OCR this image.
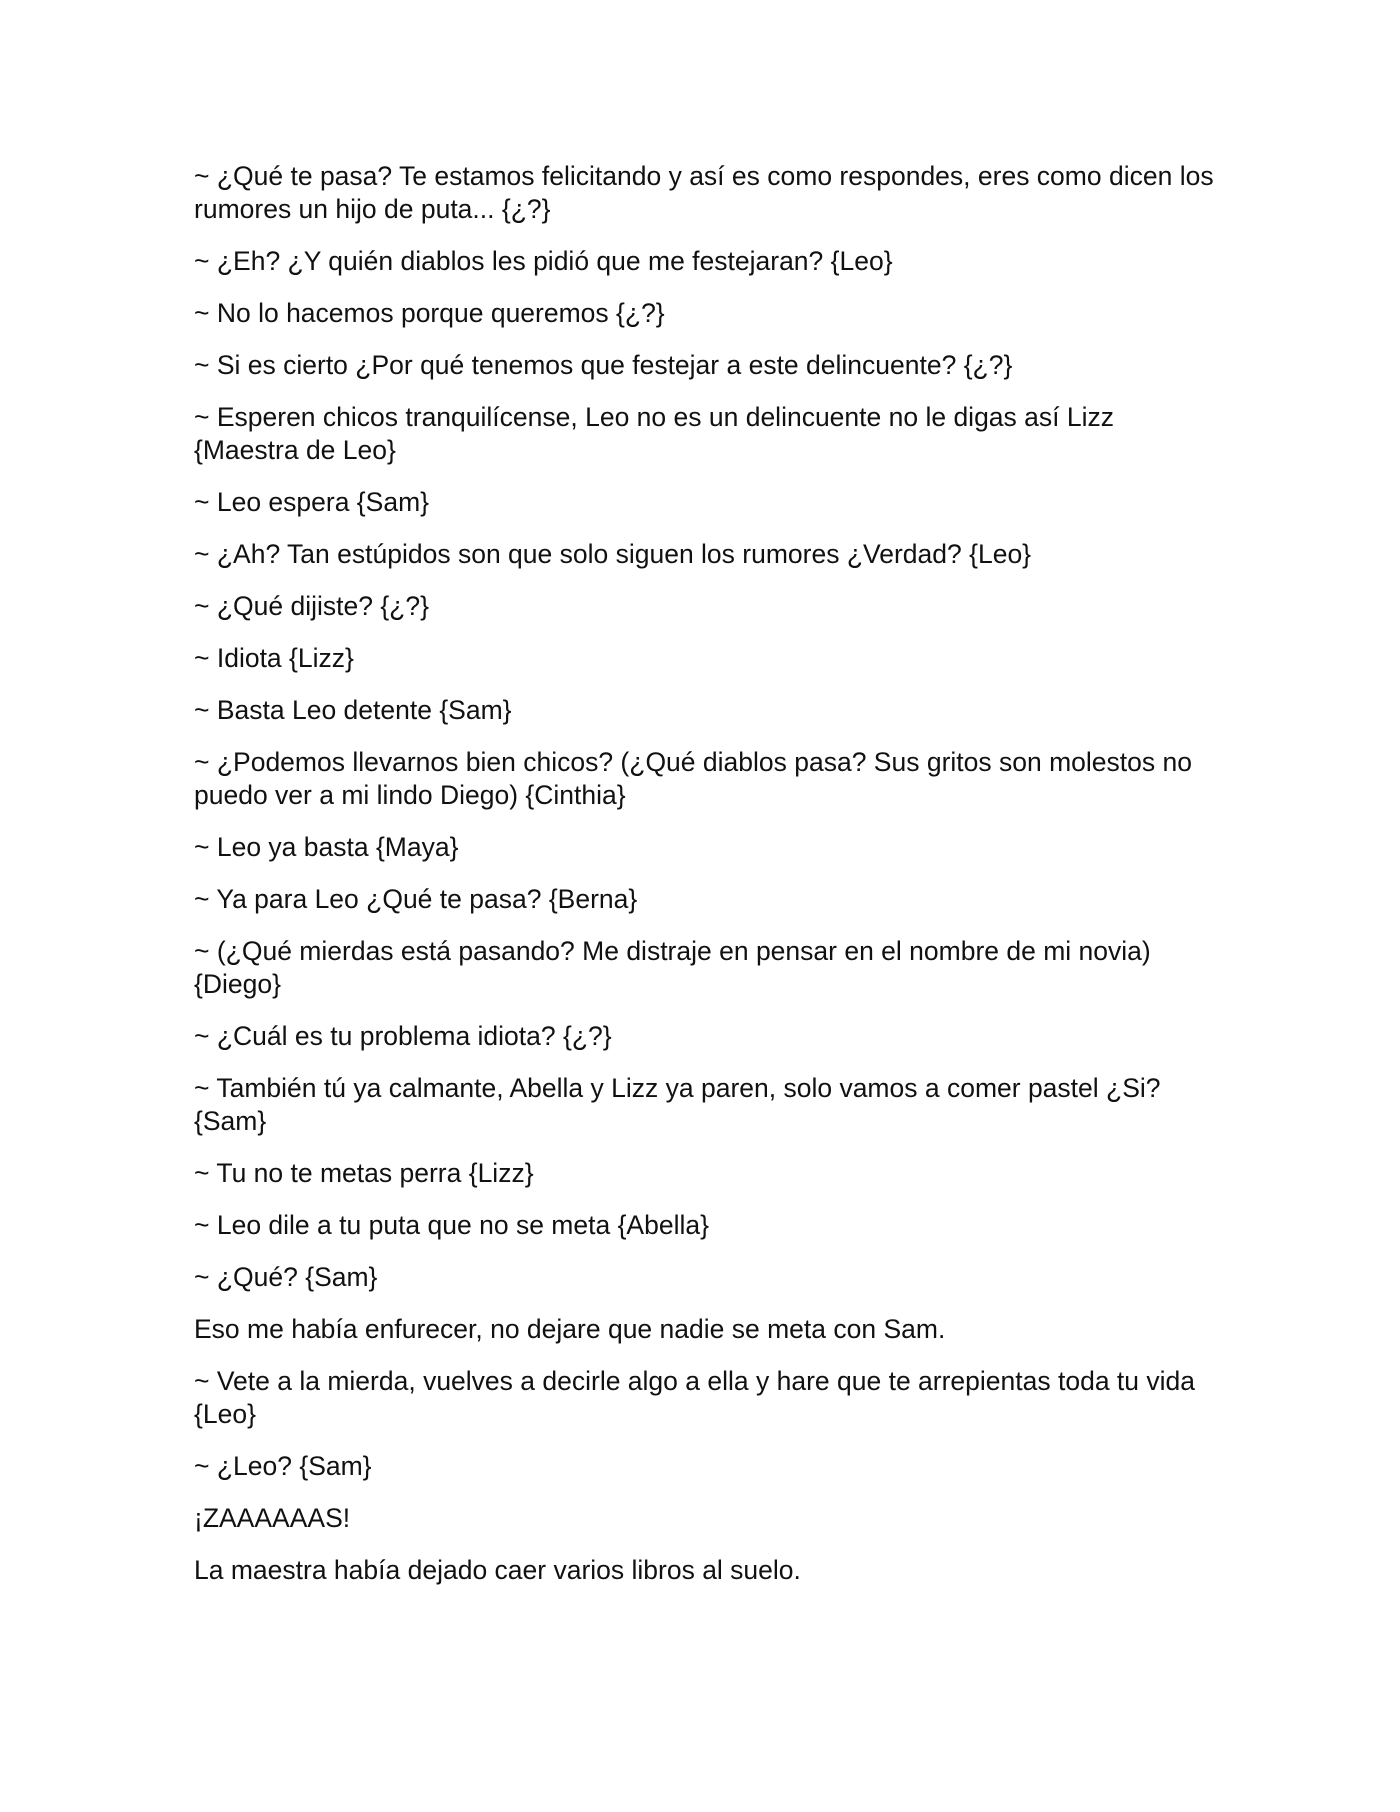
~ ¿Qué te pasa? Te estamos felicitando y así es como respondes, eres como dicen los rumores un hijo de puta... {¿?}

~ ¿Eh? ¿Y quién diablos les pidió que me festejaran? {Leo}

~ No lo hacemos porque queremos {¿?}

~ Si es cierto ¿Por qué tenemos que festejar a este delincuente? {¿?}

~ Esperen chicos tranquilícense, Leo no es un delincuente no le digas así Lizz {Maestra de Leo}

~ Leo espera {Sam}

~ ¿Ah? Tan estúpidos son que solo siguen los rumores ¿Verdad? {Leo}

~ ¿Qué dijiste? {¿?}

~ Idiota {Lizz}

~ Basta Leo detente {Sam}

~ ¿Podemos llevarnos bien chicos? (¿Qué diablos pasa? Sus gritos son molestos no puedo ver a mi lindo Diego) {Cinthia}

~ Leo ya basta {Maya}

~ Ya para Leo ¿Qué te pasa? {Berna}

~ (¿Qué mierdas está pasando? Me distraje en pensar en el nombre de mi novia) {Diego}

~ ¿Cuál es tu problema idiota? {¿?}

~ También tú ya calmante, Abella y Lizz ya paren, solo vamos a comer pastel ¿Si? {Sam}

~ Tu no te metas perra {Lizz}

~ Leo dile a tu puta que no se meta {Abella}

~ ¿Qué? {Sam}

Eso me había enfurecer, no dejare que nadie se meta con Sam.

~ Vete a la mierda, vuelves a decirle algo a ella y hare que te arrepientas toda tu vida {Leo}

~ ¿Leo? {Sam}

¡ZAAAAAAS!

La maestra había dejado caer varios libros al suelo.
